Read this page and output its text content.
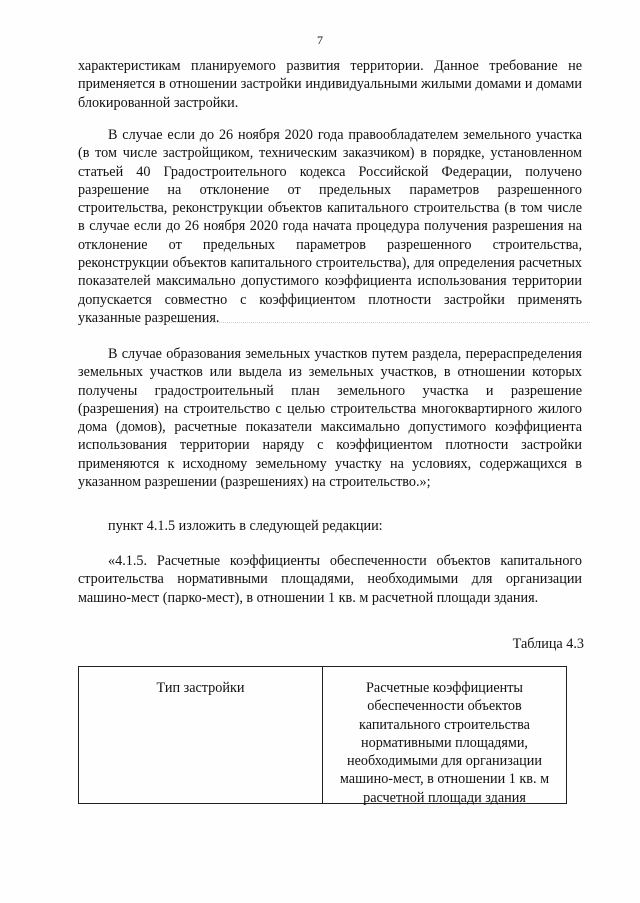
7
характеристикам планируемого развития территории. Данное требование не применяется в отношении застройки индивидуальными жилыми домами и домами блокированной застройки.
В случае если до 26 ноября 2020 года правообладателем земельного участка (в том числе застройщиком, техническим заказчиком) в порядке, установленном статьей 40 Градостроительного кодекса Российской Федерации, получено разрешение на отклонение от предельных параметров разрешенного строительства, реконструкции объектов капитального строительства (в том числе в случае если до 26 ноября 2020 года начата процедура получения разрешения на отклонение от предельных параметров разрешенного строительства, реконструкции объектов капитального строительства), для определения расчетных показателей максимально допустимого коэффициента использования территории допускается совместно с коэффициентом плотности застройки применять указанные разрешения.
В случае образования земельных участков путем раздела, перераспределения земельных участков или выдела из земельных участков, в отношении которых получены градостроительный план земельного участка и разрешение (разрешения) на строительство с целью строительства многоквартирного жилого дома (домов), расчетные показатели максимально допустимого коэффициента использования территории наряду с коэффициентом плотности застройки применяются к исходному земельному участку на условиях, содержащихся в указанном разрешении (разрешениях) на строительство.»;
пункт 4.1.5 изложить в следующей редакции:
«4.1.5. Расчетные коэффициенты обеспеченности объектов капитального строительства нормативными площадями, необходимыми для организации машино-мест (парко-мест), в отношении 1 кв. м расчетной площади здания.
Таблица 4.3
Тип застройки	Расчетные коэффициенты обеспеченности объектов капитального строительства нормативными площадями, необходимыми для организации машино-мест, в отношении 1 кв. м расчетной площади здания
